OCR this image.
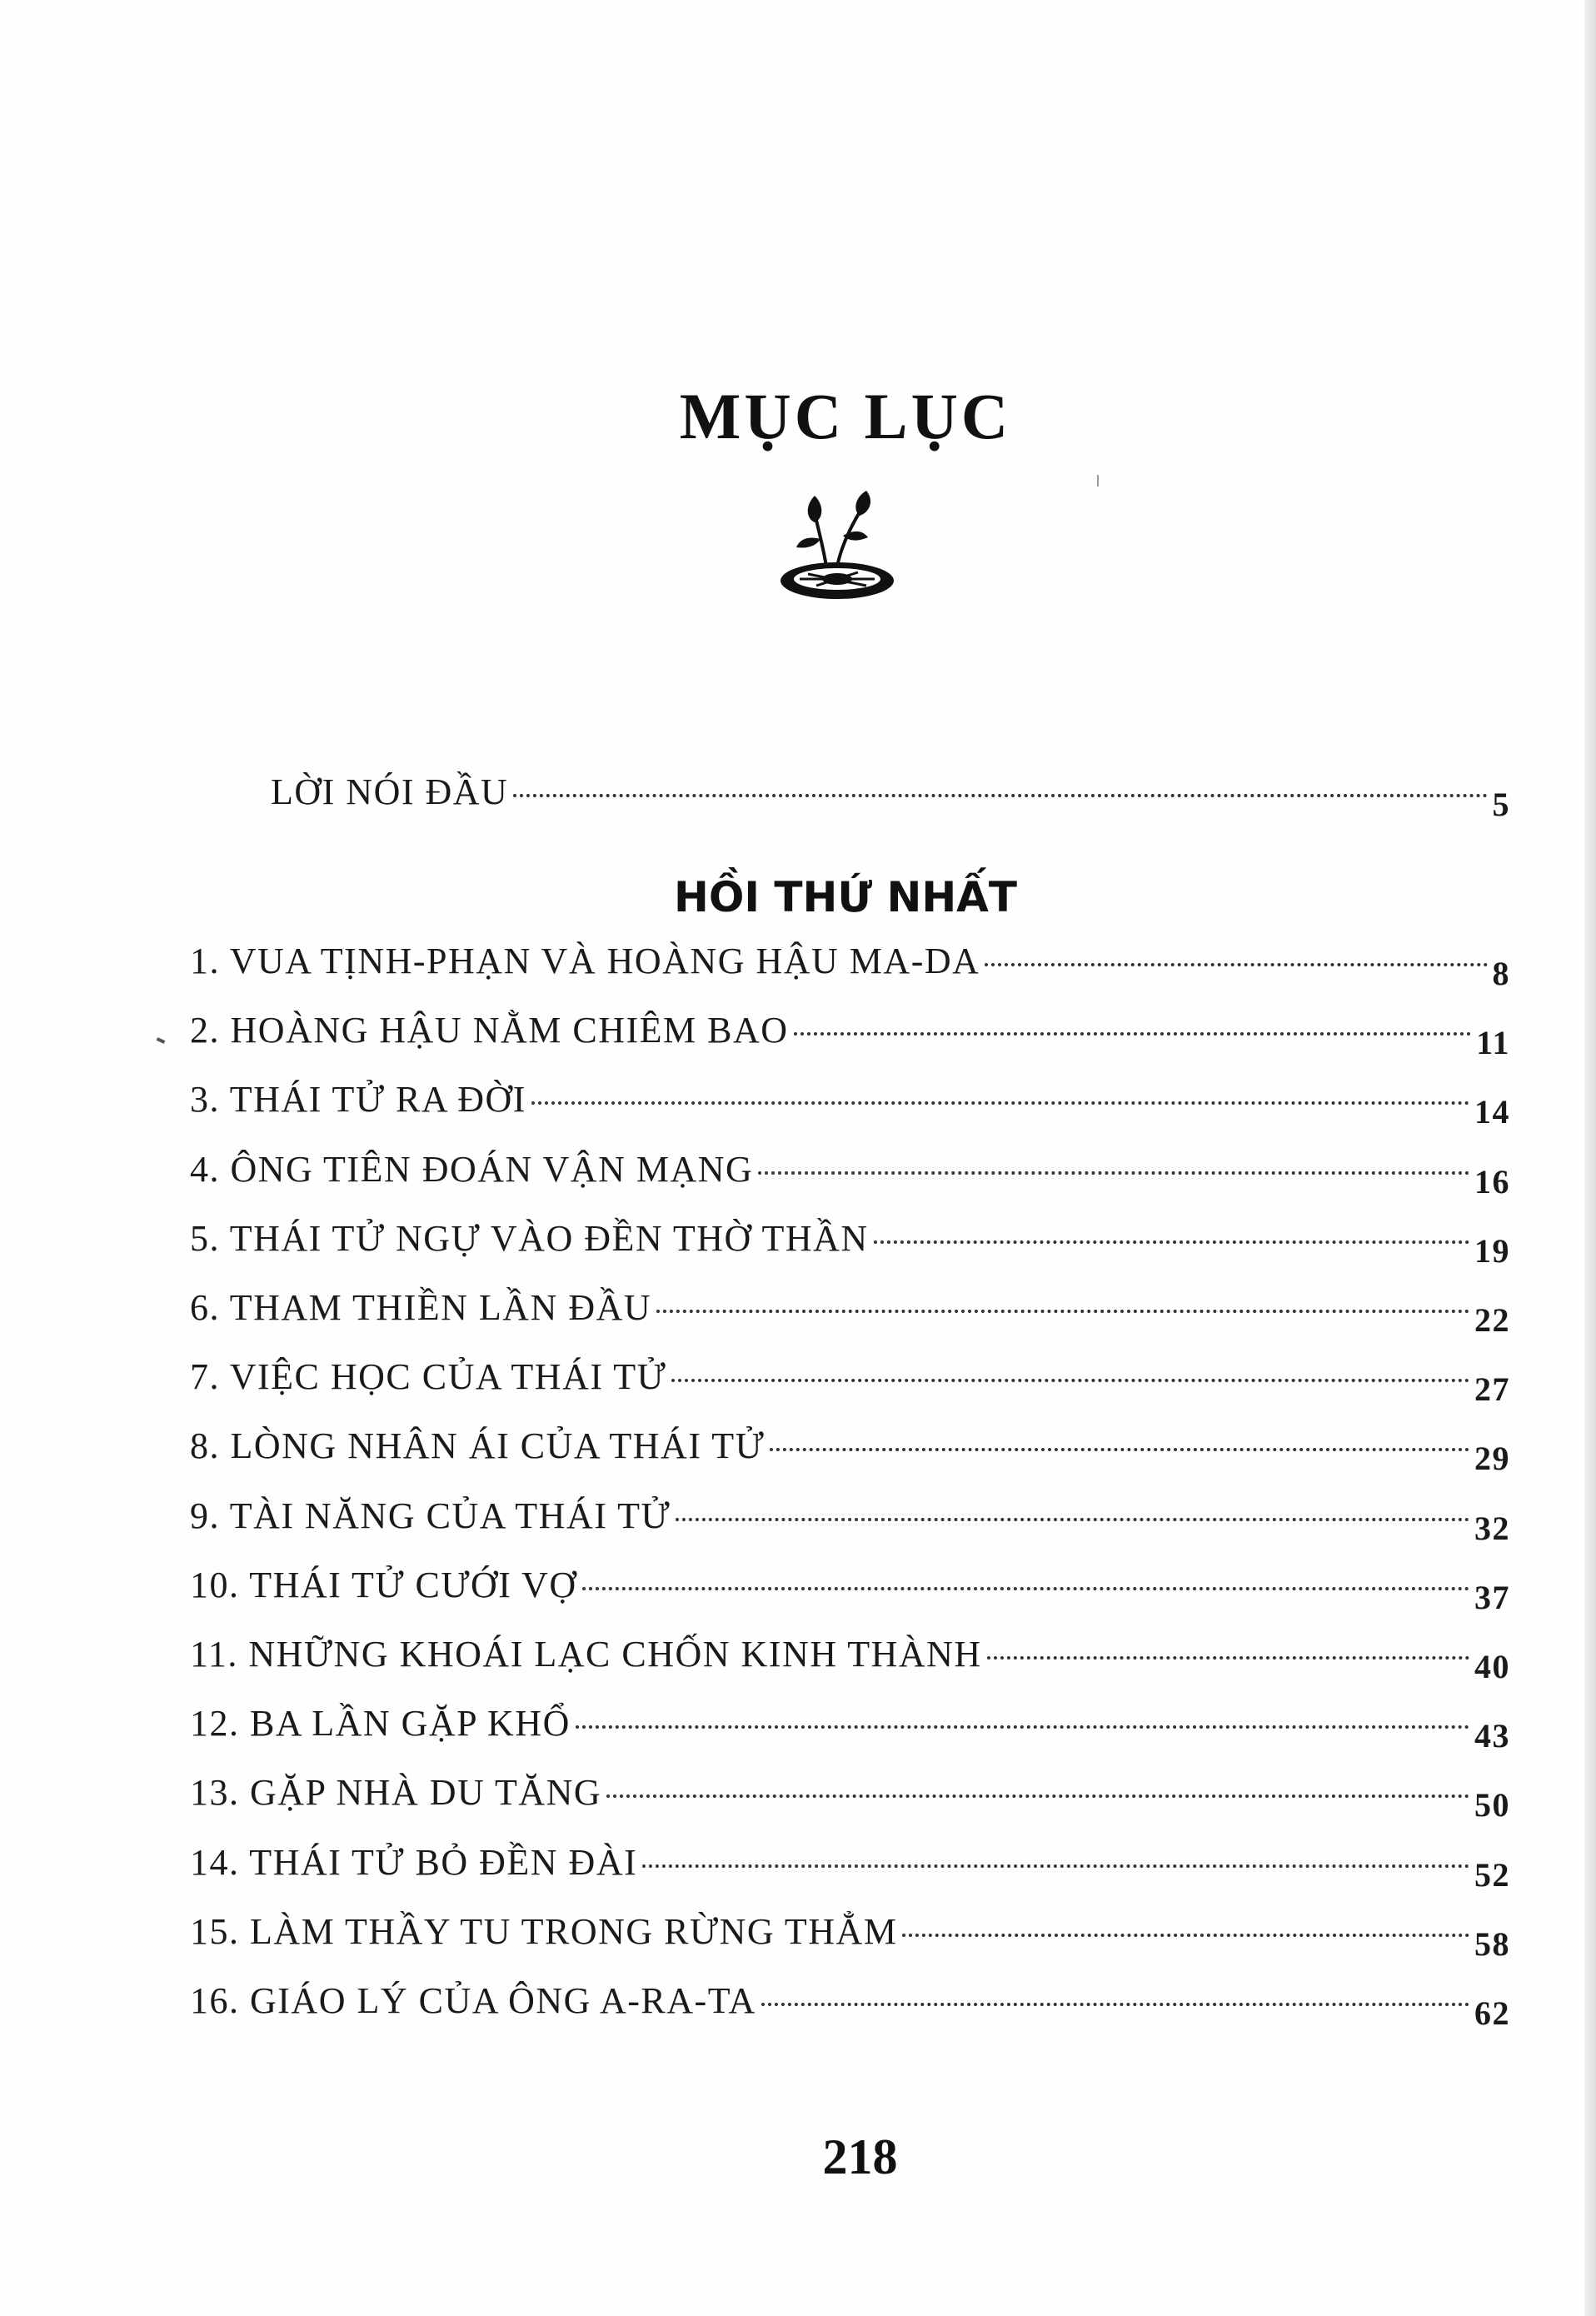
MỤC LỤC
LỜI NÓI ĐẦU	5
HỒI THỨ NHẤT
1. VUA TỊNH-PHẠN VÀ HOÀNG HẬU MA-DA	8
2. HOÀNG HẬU NẰM CHIÊM BAO	11
3. THÁI TỬ RA ĐỜI	14
4. ÔNG TIÊN ĐOÁN VẬN MẠNG	16
5. THÁI TỬ NGỰ VÀO ĐỀN THỜ THẦN	19
6. THAM THIỀN LẦN ĐẦU	22
7. VIỆC HỌC CỦA THÁI TỬ	27
8. LÒNG NHÂN ÁI CỦA THÁI TỬ	29
9. TÀI NĂNG CỦA THÁI TỬ	32
10. THÁI TỬ CƯỚI VỢ	37
11. NHỮNG KHOÁI LẠC CHỐN KINH THÀNH	40
12. BA LẦN GẶP KHỔ	43
13. GẶP NHÀ DU TĂNG	50
14. THÁI TỬ BỎ ĐỀN ĐÀI	52
15. LÀM THẦY TU TRONG RỪNG THẲM	58
16. GIÁO LÝ CỦA ÔNG A-RA-TA	62
218
